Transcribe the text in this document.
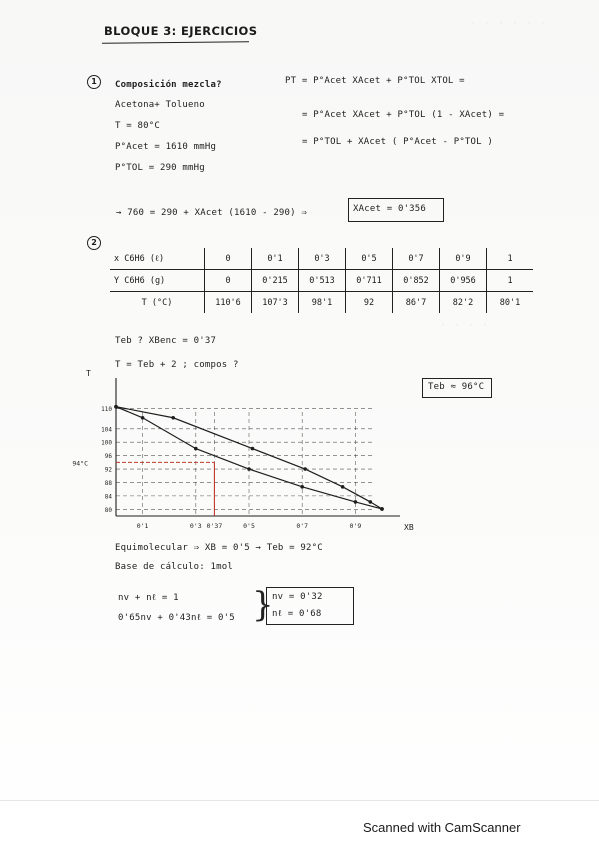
· · · · · ·
· · · ·
BLOQUE 3: EJERCICIOS
1	Composición mezcla?
Acetona+ Tolueno
T = 80°C
P°Acet = 1610 mmHg
P°TOL = 290 mmHg
PT = P°Acet XAcet + P°TOL XTOL =
= P°Acet XAcet + P°TOL (1 - XAcet) =
= P°TOL + XAcet ( P°Acet - P°TOL )
→ 760 = 290 + XAcet (1610 - 290) ⇒	XAcet = 0'356
2
x C6H6 (ℓ)	0	0'1	0'3	0'5	0'7	0'9	1
Y C6H6 (g)	0	0'215	0'513	0'711	0'852	0'956	1
T (°C)	110'6	107'3	98'1	92	86'7	82'2	80'1
Teb ? XBenc = 0'37
T = Teb + 2 ; compos ?
Teb ≈ 96°C
T
XB
110
104
100
96
92
88
84
80
94°C
0'1	0'3 0'37	0'5	0'7	0'9
Equimolecular ⇒ XB = 0'5 → Teb = 92°C
Base de cálculo: 1mol
nv + nℓ = 1
0'65nv + 0'43nℓ = 0'5 }
nv = 0'32
nℓ = 0'68
Scanned with CamScanner
